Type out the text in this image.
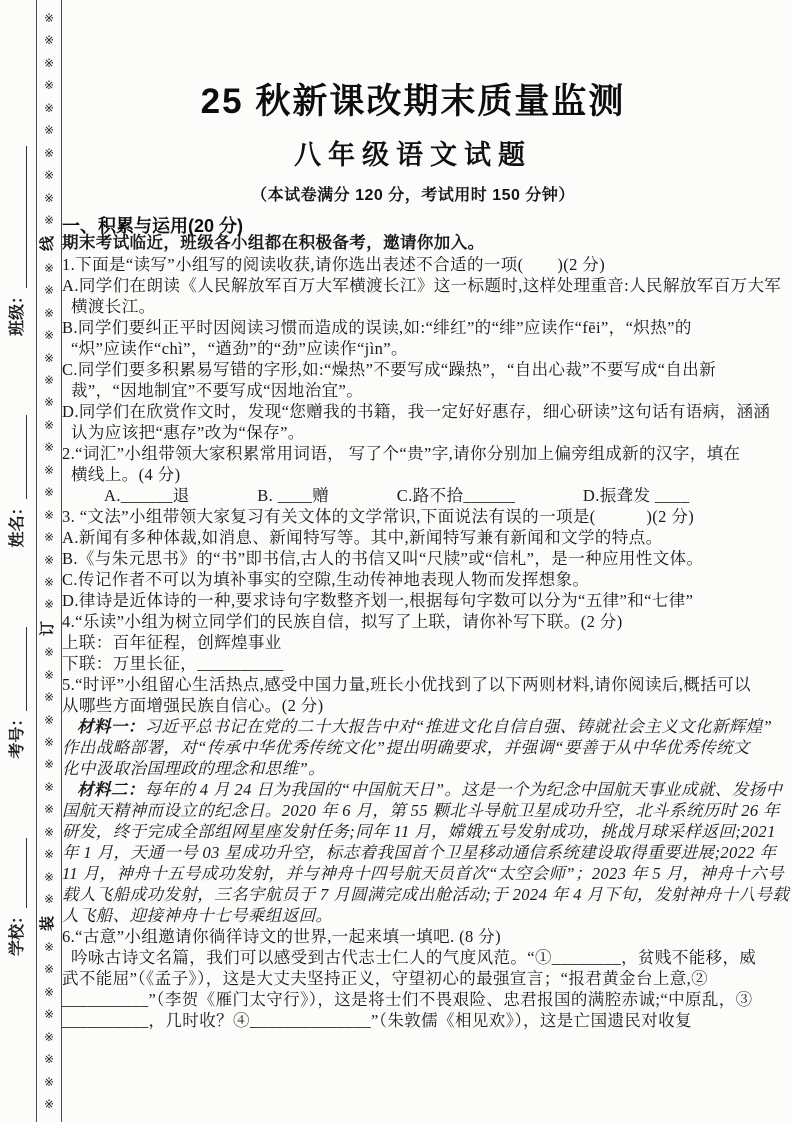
学校：
考号：
姓名：
班级：
※
※
※
※
※
※
※
※
※
※
线
※
※
※
※
※
※
※
※
※
※
※
※
※
※
※
※
订
※
※
※
※
※
※
※
※
※
※
※
※
装
※
※
※
※
※
※
※
※
25 秋新课改期末质量监测
八年级语文试题
（本试卷满分 120 分，考试用时 150 分钟）
一、积累与运用(20 分)
期末考试临近，班级各小组都在积极备考，邀请你加入。
1.下面是“读写”小组写的阅读收获,请你选出表述不合适的一项(　　)(2 分)
A.同学们在朗读《人民解放军百万大军横渡长江》这一标题时,这样处理重音:人民解放军百万大军
横渡长江。
B.同学们要纠正平时因阅读习惯而造成的误读,如:“绯红”的“绯”应读作“fēi”，“炽热”的
“炽”应读作“chì”，“遒劲”的“劲”应读作“jìn”。
C.同学们要多积累易写错的字形,如:“燥热”不要写成“躁热”，“自出心裁”不要写成“自出新
裁”，“因地制宜”不要写成“因地治宜”。
D.同学们在欣赏作文时，发现“您赠我的书籍，我一定好好惠存，细心研读”这句话有语病，涵涵
认为应该把“惠存”改为“保存”。
2.“词汇”小组带领大家积累常用词语， 写了个“贵”字,请你分别加上偏旁组成新的汉字，填在
横线上。(4 分)
A.______退　　　　B. ____赠　　　　C.路不拾______　　　　D.振聋发 ____
3. “文法”小组带领大家复习有关文体的文学常识,下面说法有误的一项是(　　　)(2 分)
A.新闻有多种体裁,如消息、新闻特写等。其中,新闻特写兼有新闻和文学的特点。
B.《与朱元思书》的“书”即书信,古人的书信又叫“尺牍”或“信札”，是一种应用性文体。
C.传记作者不可以为填补事实的空隙,生动传神地表现人物而发挥想象。
D.律诗是近体诗的一种,要求诗句字数整齐划一,根据每句字数可以分为“五律”和“七律”
4.“乐读”小组为树立同学们的民族自信，拟写了上联，请你补写下联。(2 分)
上联：百年征程，创辉煌事业
下联：万里长征，__________
5.“时评”小组留心生活热点,感受中国力量,班长小优找到了以下两则材料,请你阅读后,概括可以
从哪些方面增强民族自信心。(2 分)
材料一：习近平总书记在党的二十大报告中对“推进文化自信自强、铸就社会主义文化新辉煌”
作出战略部署，对“传承中华优秀传统文化”提出明确要求，并强调“要善于从中华优秀传统文
化中汲取治国理政的理念和思维”。
材料二：每年的 4 月 24 日为我国的“中国航天日”。这是一个为纪念中国航天事业成就、发扬中
国航天精神而设立的纪念日。2020 年 6 月，第 55 颗北斗导航卫星成功升空，北斗系统历时 26 年
研发，终于完成全部组网星座发射任务;同年 11 月，嫦娥五号发射成功，挑战月球采样返回;2021
年 1 月，天通一号 03 星成功升空，标志着我国首个卫星移动通信系统建设取得重要进展;2022 年
11 月，神舟十五号成功发射，并与神舟十四号航天员首次“太空会师”；2023 年 5 月，神舟十六号
载人飞船成功发射，三名宇航员于 7 月圆满完成出舱活动;于 2024 年 4 月下旬，发射神舟十八号载
人飞船、迎接神舟十七号乘组返回。
6.“古意”小组邀请你徜徉诗文的世界,一起来填一填吧. (8 分)
吟咏古诗文名篇，我们可以感受到古代志士仁人的气度风范。“①________，贫贱不能移，威
武不能屈”（《孟子》），这是大丈夫坚持正义，守望初心的最强宣言；“报君黄金台上意,②
__________”（李贺《雁门太守行》），这是将士们不畏艰险、忠君报国的满腔赤诚;“中原乱，③
__________，几时收？④______________”（朱敦儒《相见欢》），这是亡国遗民对收复
